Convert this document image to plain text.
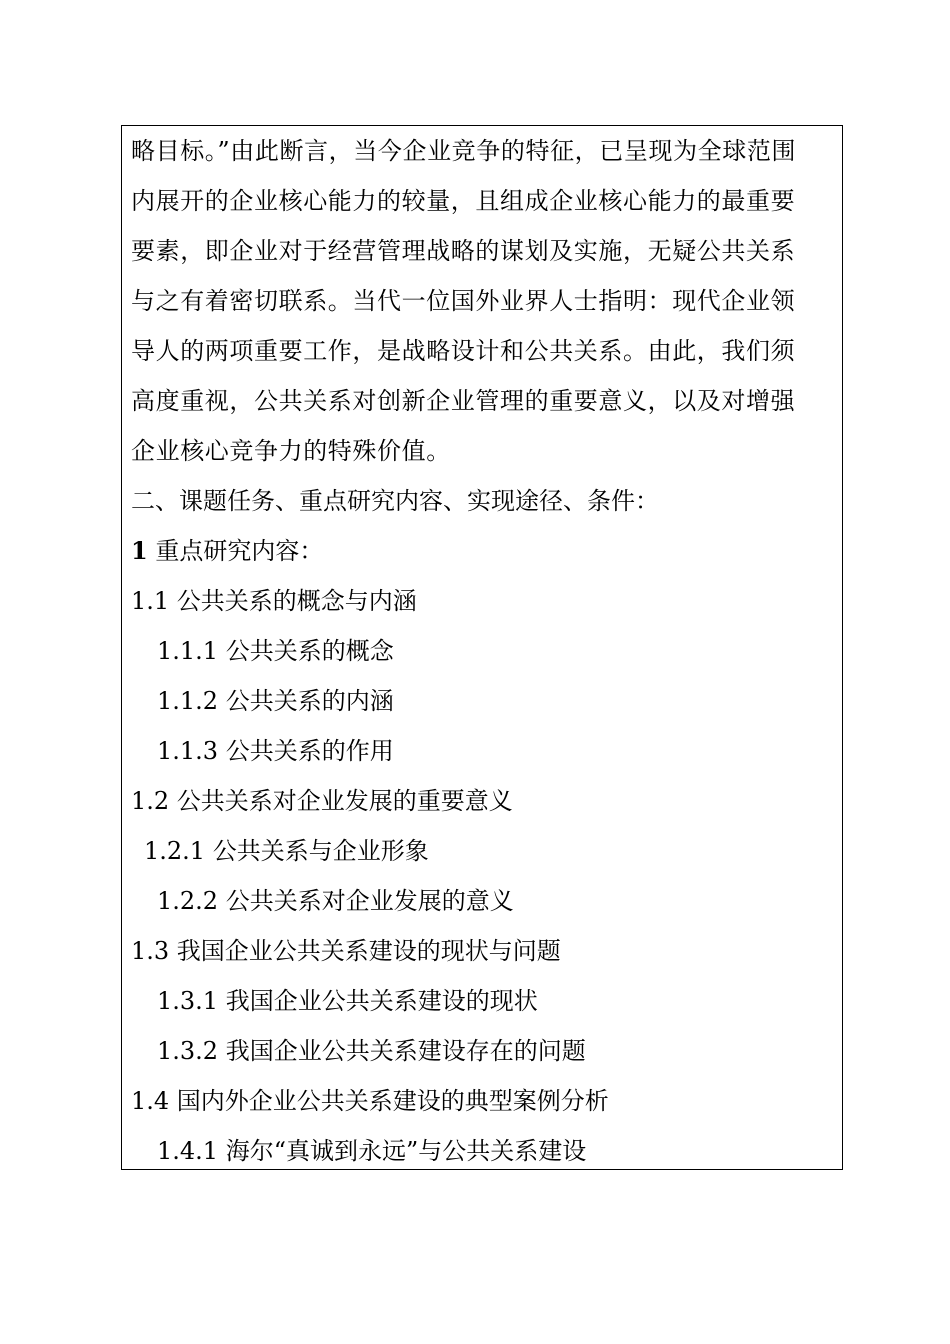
略目标。”由此断言，当今企业竞争的特征，已呈现为全球范围
内展开的企业核心能力的较量，且组成企业核心能力的最重要
要素，即企业对于经营管理战略的谋划及实施，无疑公共关系
与之有着密切联系。当代一位国外业界人士指明：现代企业领
导人的两项重要工作，是战略设计和公共关系。由此，我们须
高度重视，公共关系对创新企业管理的重要意义，以及对增强
企业核心竞争力的特殊价值。
二、课题任务、重点研究内容、实现途径、条件：
1 重点研究内容：
1.1 公共关系的概念与内涵
1.1.1 公共关系的概念
1.1.2 公共关系的内涵
1.1.3 公共关系的作用
1.2 公共关系对企业发展的重要意义
1.2.1 公共关系与企业形象
1.2.2 公共关系对企业发展的意义
1.3 我国企业公共关系建设的现状与问题
1.3.1 我国企业公共关系建设的现状
1.3.2 我国企业公共关系建设存在的问题
1.4 国内外企业公共关系建设的典型案例分析
1.4.1 海尔“真诚到永远”与公共关系建设
